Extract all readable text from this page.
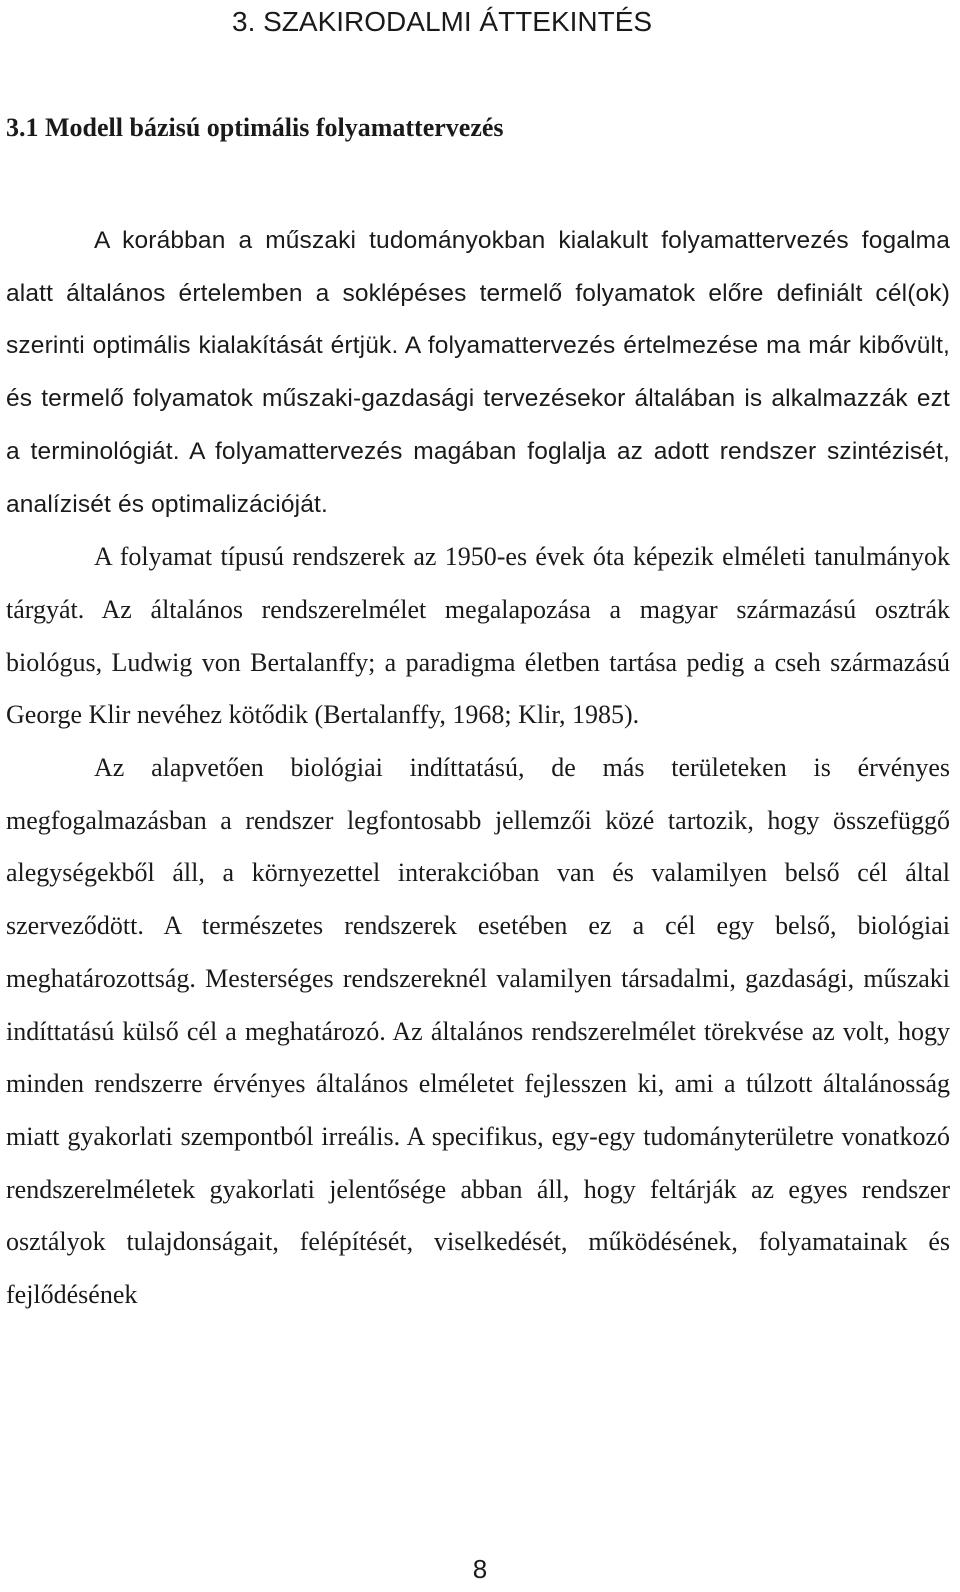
3. SZAKIRODALMI ÁTTEKINTÉS
3.1 Modell bázisú optimális folyamattervezés

A korábban a műszaki tudományokban kialakult folyamattervezés fogalma alatt általános értelemben a soklépéses termelő folyamatok előre definiált cél(ok) szerinti optimális kialakítását értjük. A folyamattervezés értelmezése ma már kibővült, és termelő folyamatok műszaki-gazdasági tervezésekor általában is alkalmazzák ezt a terminológiát. A folyamattervezés magában foglalja az adott rendszer szintézisét, analízisét és optimalizációját.

A folyamat típusú rendszerek az 1950-es évek óta képezik elméleti tanulmányok tárgyát. Az általános rendszerelmélet megalapozása a magyar származású osztrák biológus, Ludwig von Bertalanffy; a paradigma életben tartása pedig a cseh származású George Klir nevéhez kötődik (Bertalanffy, 1968; Klir, 1985).

Az alapvetően biológiai indíttatású, de más területeken is érvényes megfogalmazásban a rendszer legfontosabb jellemzői közé tartozik, hogy összefüggő alegységekből áll, a környezettel interakcióban van és valamilyen belső cél által szerveződött. A természetes rendszerek esetében ez a cél egy belső, biológiai meghatározottság. Mesterséges rendszereknél valamilyen társadalmi, gazdasági, műszaki indíttatású külső cél a meghatározó. Az általános rendszerelmélet törekvése az volt, hogy minden rendszerre érvényes általános elméletet fejlesszen ki, ami a túlzott általánosság miatt gyakorlati szempontból irreális. A specifikus, egy-egy tudományterületre vonatkozó rendszerelméletek gyakorlati jelentősége abban áll, hogy feltárják az egyes rendszer osztályok tulajdonságait, felépítését, viselkedését, működésének, folyamatainak és fejlődésének

8
